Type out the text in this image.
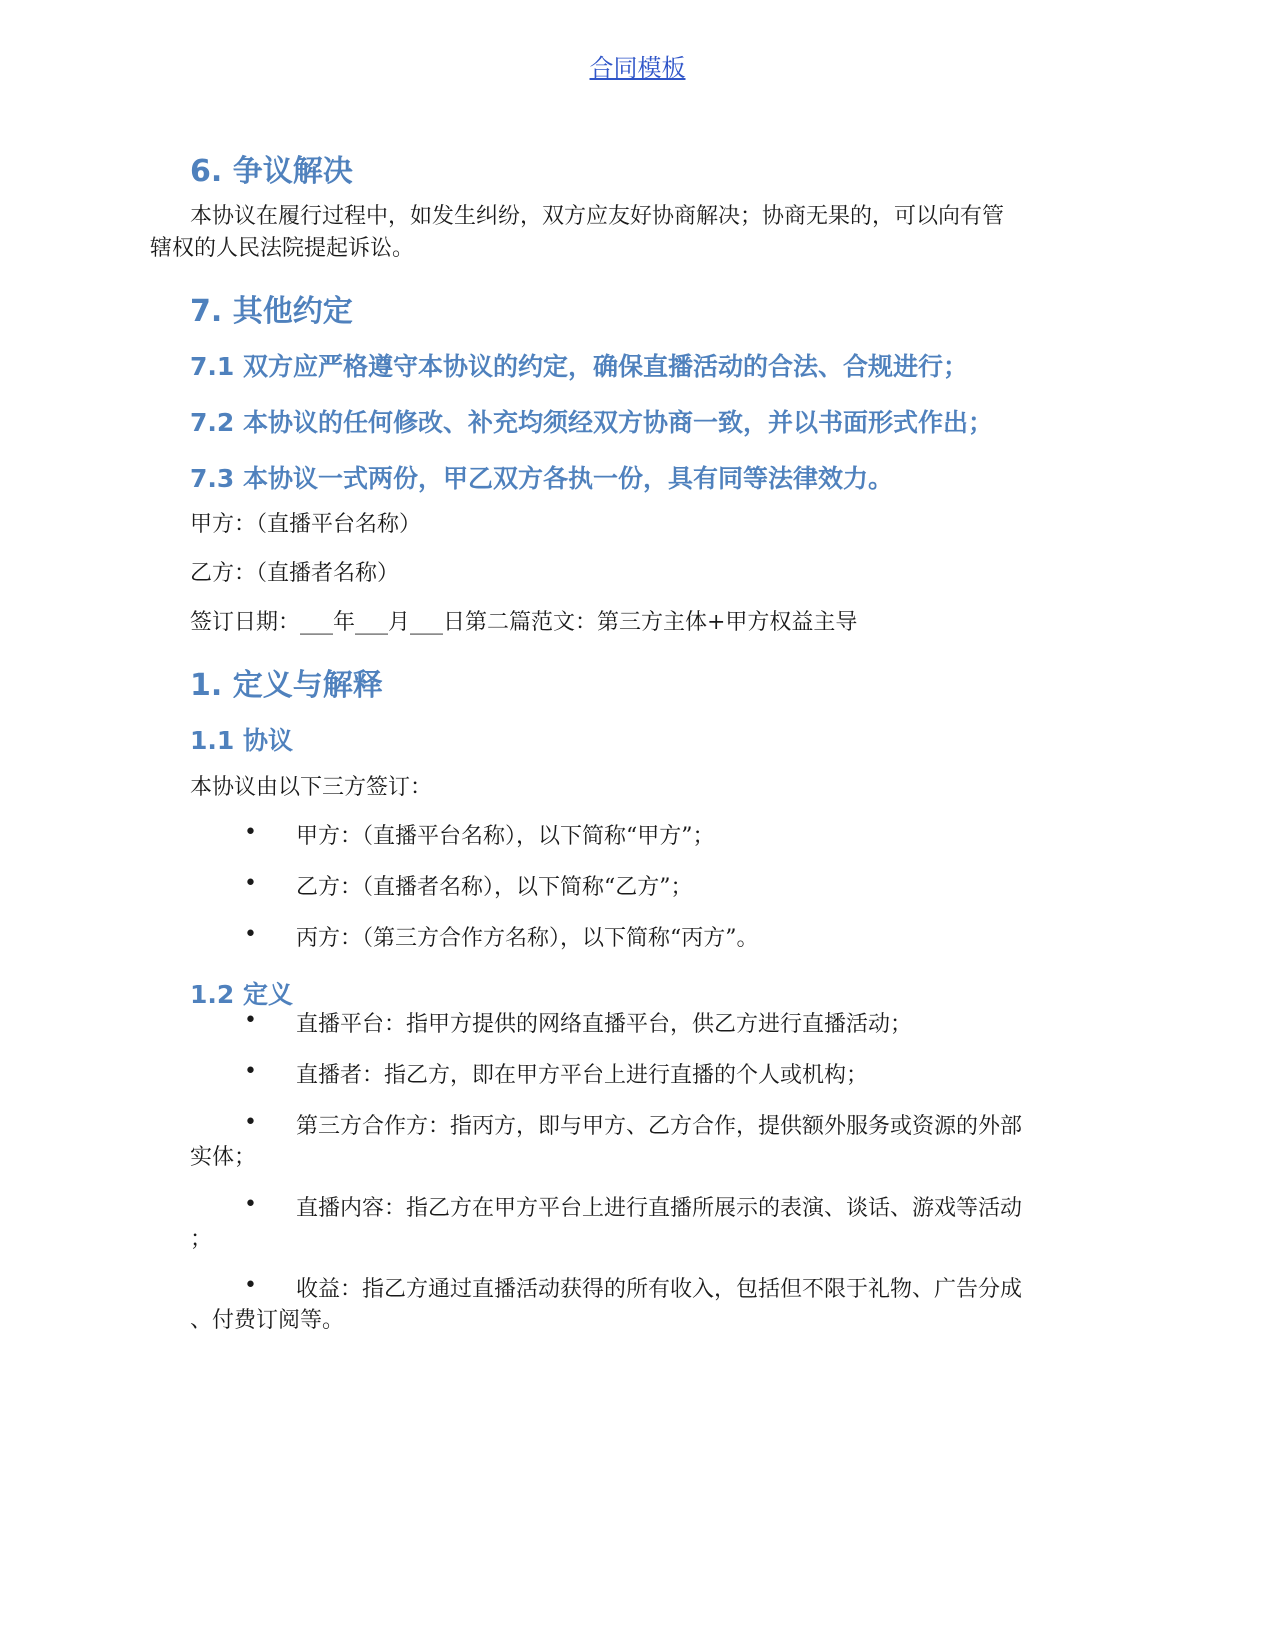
合同模板
6. 争议解决
本协议在履行过程中，如发生纠纷，双方应友好协商解决；协商无果的，可以向有管
辖权的人民法院提起诉讼。
7. 其他约定
7.1 双方应严格遵守本协议的约定，确保直播活动的合法、合规进行；
7.2 本协议的任何修改、补充均须经双方协商一致，并以书面形式作出；
7.3 本协议一式两份，甲乙双方各执一份，具有同等法律效力。
甲方：（直播平台名称）
乙方：（直播者名称）
签订日期：___年___月___日第二篇范文：第三方主体+甲方权益主导
1. 定义与解释
1.1 协议
本协议由以下三方签订：
• 甲方：（直播平台名称），以下简称“甲方”；
• 乙方：（直播者名称），以下简称“乙方”；
• 丙方：（第三方合作方名称），以下简称“丙方”。
1.2 定义
• 直播平台：指甲方提供的网络直播平台，供乙方进行直播活动；
• 直播者：指乙方，即在甲方平台上进行直播的个人或机构；
• 第三方合作方：指丙方，即与甲方、乙方合作，提供额外服务或资源的外部
实体；
• 直播内容：指乙方在甲方平台上进行直播所展示的表演、谈话、游戏等活动
；
• 收益：指乙方通过直播活动获得的所有收入，包括但不限于礼物、广告分成
、付费订阅等。
